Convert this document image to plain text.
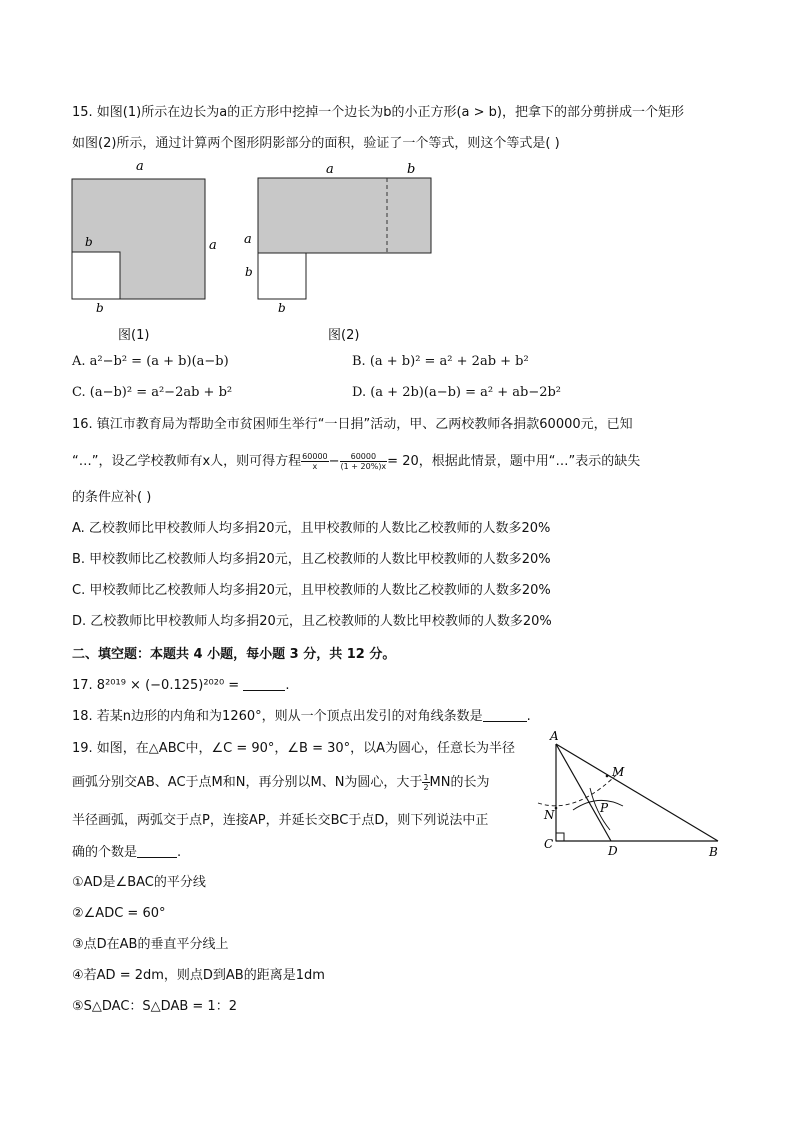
15. 如图(1)所示在边长为a的正方形中挖掉一个边长为b的小正方形(a > b)，把拿下的部分剪拼成一个矩形
如图(2)所示，通过计算两个图形阴影部分的面积，验证了一个等式，则这个等式是( )
a
a
b
b
图(1)
a	b
a
b
b
图(2)
A. a²−b² = (a + b)(a−b)	B. (a + b)² = a² + 2ab + b²
C. (a−b)² = a²−2ab + b²	D. (a + 2b)(a−b) = a² + ab−2b²
16. 镇江市教育局为帮助全市贫困师生举行“一日捐”活动，甲、乙两校教师各捐款60000元，已知
“…”，设乙学校教师有x人，则可得方程 $\frac{60000}{x} - \frac{60000}{(1 + 20\%)x} = 20$，根据此情景，题中用“…”表示的缺失
的条件应补( )
A. 乙校教师比甲校教师人均多捐20元，且甲校教师的人数比乙校教师的人数多20%
B. 甲校教师比乙校教师人均多捐20元，且乙校教师的人数比甲校教师的人数多20%
C. 甲校教师比乙校教师人均多捐20元，且甲校教师的人数比乙校教师的人数多20%
D. 乙校教师比甲校教师人均多捐20元，且乙校教师的人数比甲校教师的人数多20%
二、填空题：本题共 4 小题，每小题 3 分，共 12 分。
17. 8²⁰¹⁹ × (−0.125)²⁰²⁰ =	.
18. 若某n边形的内角和为1260°，则从一个顶点出发引的对角线条数是	.
19. 如图，在△ABC中，∠C = 90°，∠B = 30°，以A为圆心，任意长为半径
画弧分别交AB、AC于点M和N，再分别以M、N为圆心，大于 $\frac{1}{2}$ MN的长为
半径画弧，两弧交于点P，连接AP，并延长交BC于点D，则下列说法中正
确的个数是	.
①AD是∠BAC的平分线
②∠ADC = 60°
③点D在AB的垂直平分线上
④若AD = 2dm，则点D到AB的距离是1dm
⑤S△DAC：S△DAB = 1：2
A
M
P
N
C	D	B
